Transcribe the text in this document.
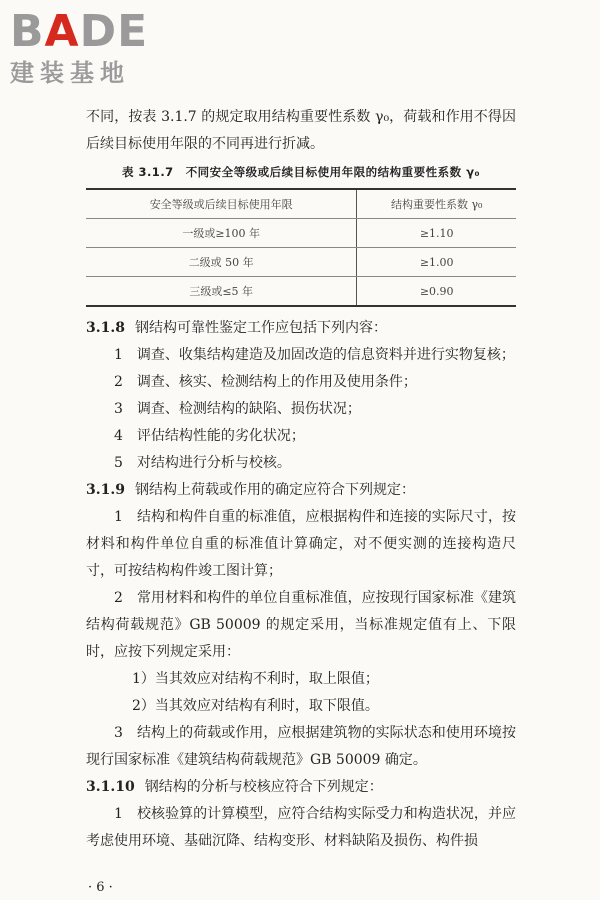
BADE
建装基地

不同，按表 3.1.7 的规定取用结构重要性系数 γ₀，荷载和作用不得因后续目标使用年限的不同再进行折减。

表 3.1.7 不同安全等级或后续目标使用年限的结构重要性系数 γ₀
安全等级或后续目标使用年限	结构重要性系数 γ₀
一级或≥100 年	≥1.10
二级或 50 年	≥1.00
三级或≤5 年	≥0.90

3.1.8 钢结构可靠性鉴定工作应包括下列内容：

1　调查、收集结构建造及加固改造的信息资料并进行实物复核；

2　调查、核实、检测结构上的作用及使用条件；

3　调查、检测结构的缺陷、损伤状况；

4　评估结构性能的劣化状况；

5　对结构进行分析与校核。

3.1.9 钢结构上荷载或作用的确定应符合下列规定：

1　结构和构件自重的标准值，应根据构件和连接的实际尺寸，按材料和构件单位自重的标准值计算确定，对不便实测的连接构造尺寸，可按结构构件竣工图计算；

2　常用材料和构件的单位自重标准值，应按现行国家标准《建筑结构荷载规范》GB 50009 的规定采用，当标准规定值有上、下限时，应按下列规定采用：

1）当其效应对结构不利时，取上限值；

2）当其效应对结构有利时，取下限值。

3　结构上的荷载或作用，应根据建筑物的实际状态和使用环境按现行国家标准《建筑结构荷载规范》GB 50009 确定。

3.1.10 钢结构的分析与校核应符合下列规定：

1　校核验算的计算模型，应符合结构实际受力和构造状况，并应考虑使用环境、基础沉降、结构变形、材料缺陷及损伤、构件损

· 6 ·
